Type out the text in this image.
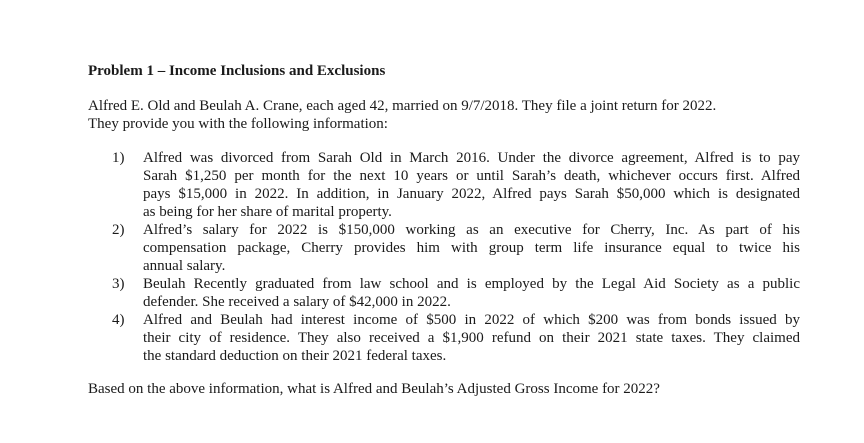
Problem 1 – Income Inclusions and Exclusions
Alfred E. Old and Beulah A. Crane, each aged 42, married on 9/7/2018. They file a joint return for 2022.
They provide you with the following information:
1) Alfred was divorced from Sarah Old in March 2016. Under the divorce agreement, Alfred is to pay
Sarah $1,250 per month for the next 10 years or until Sarah’s death, whichever occurs first. Alfred
pays $15,000 in 2022. In addition, in January 2022, Alfred pays Sarah $50,000 which is designated
as being for her share of marital property.
2) Alfred’s salary for 2022 is $150,000 working as an executive for Cherry, Inc. As part of his
compensation package, Cherry provides him with group term life insurance equal to twice his
annual salary.
3) Beulah Recently graduated from law school and is employed by the Legal Aid Society as a public
defender. She received a salary of $42,000 in 2022.
4) Alfred and Beulah had interest income of $500 in 2022 of which $200 was from bonds issued by
their city of residence. They also received a $1,900 refund on their 2021 state taxes. They claimed
the standard deduction on their 2021 federal taxes.
Based on the above information, what is Alfred and Beulah’s Adjusted Gross Income for 2022?
